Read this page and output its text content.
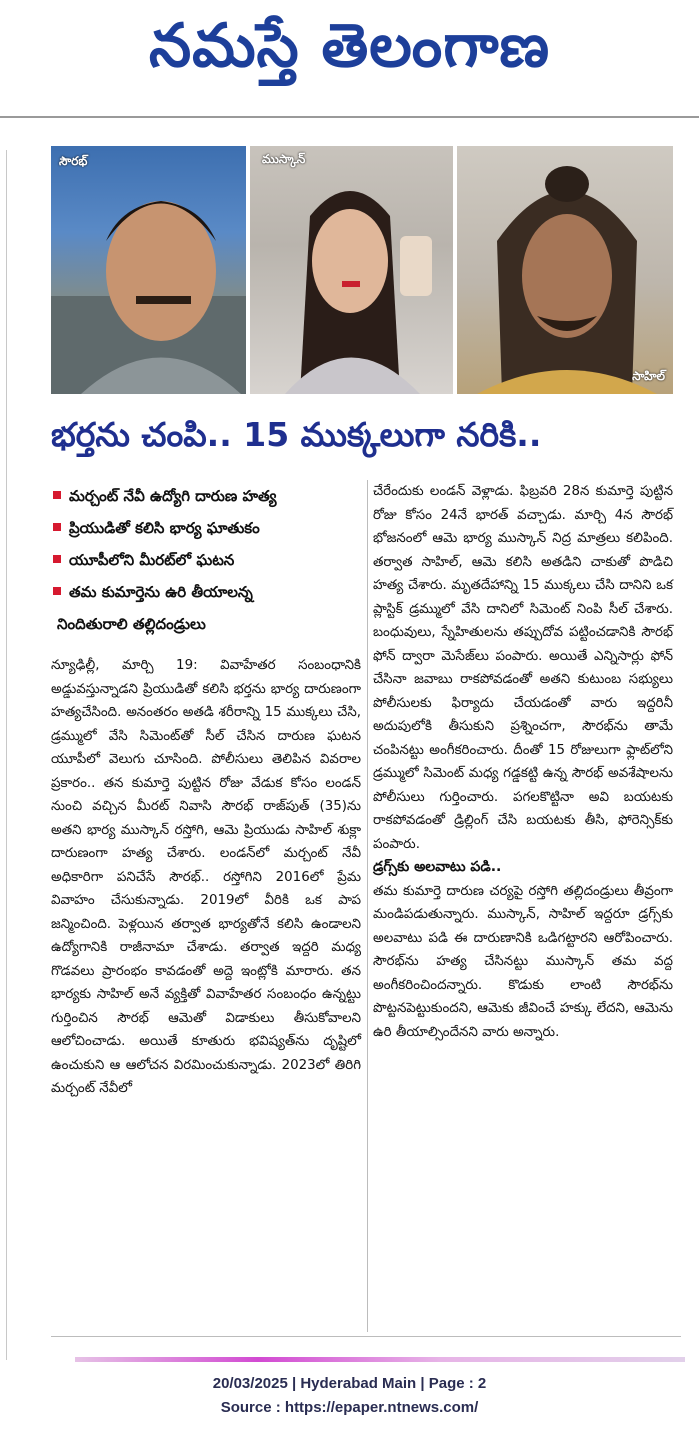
నమస్తే తెలంగాణ
సౌరభ్	ముస్కాన్
సాహిల్
భర్తను చంపి.. 15 ముక్కలుగా నరికి..
మర్చంట్ నేవీ ఉద్యోగి దారుణ హత్య
ప్రియుడితో కలిసి భార్య ఘాతుకం
యూపీలోని మీరట్‌లో ఘటన
తమ కుమార్తెను ఉరి తీయాలన్న
నిందితురాలి తల్లిదండ్రులు

న్యూఢిల్లీ, మార్చి 19: వివాహేతర సంబంధానికి అడ్డువస్తున్నాడని ప్రియుడితో కలిసి భర్తను భార్య దారుణంగా హత్యచేసింది. అనంతరం అతడి శరీరాన్ని 15 ముక్కలు చేసి, డ్రమ్ములో వేసి సిమెంట్‌తో సీల్ చేసిన దారుణ ఘటన యూపీలో వెలుగు చూసింది. పోలీసులు తెలిపిన వివరాల ప్రకారం.. తన కుమార్తె పుట్టిన రోజు వేడుక కోసం లండన్ నుంచి వచ్చిన మీరట్ నివాసి సౌరభ్ రాజ్‌పుత్ (35)ను అతని భార్య ముస్కాన్ రస్తోగి, ఆమె ప్రియుడు సాహిల్ శుక్లా దారుణంగా హత్య చేశారు. లండన్‌లో మర్చంట్ నేవీ అధికారిగా పనిచేసే సౌరభ్.. రస్తోగిని 2016లో ప్రేమ వివాహం చేసుకున్నాడు. 2019లో వీరికి ఒక పాప జన్మించింది. పెళ్లయిన తర్వాత భార్యతోనే కలిసి ఉండాలని ఉద్యోగానికి రాజీనామా చేశాడు. తర్వాత ఇద్దరి మధ్య గొడవలు ప్రారంభం కావడంతో అద్దె ఇంట్లోకి మారారు. తన భార్యకు సాహిల్ అనే వ్యక్తితో వివాహేతర సంబంధం ఉన్నట్టు గుర్తించిన సౌరభ్ ఆమెతో విడాకులు తీసుకోవాలని ఆలోచించాడు. అయితే కూతురు భవిష్యత్‌ను దృష్టిలో ఉంచుకుని ఆ ఆలోచన విరమించుకున్నాడు. 2023లో తిరిగి మర్చంట్ నేవీలో

చేరేందుకు లండన్ వెళ్లాడు. ఫిబ్రవరి 28న కుమార్తె పుట్టిన రోజు కోసం 24నే భారత్ వచ్చాడు. మార్చి 4న సౌరభ్ భోజనంలో ఆమె భార్య ముస్కాన్ నిద్ర మాత్రలు కలిపింది. తర్వాత సాహిల్, ఆమె కలిసి అతడిని చాకుతో పొడిచి హత్య చేశారు. మృతదేహాన్ని 15 ముక్కలు చేసి దానిని ఒక ప్లాస్టిక్ డ్రమ్ములో వేసి దానిలో సిమెంట్ నింపి సీల్ చేశారు. బంధువులు, స్నేహితులను తప్పుదోవ పట్టించడానికి సౌరభ్ ఫోన్ ద్వారా మెసేజ్‌లు పంపారు. అయితే ఎన్నిసార్లు ఫోన్ చేసినా జవాబు రాకపోవడంతో అతని కుటుంబ సభ్యులు పోలీసులకు ఫిర్యాదు చేయడంతో వారు ఇద్దరినీ అదుపులోకి తీసుకుని ప్రశ్నించగా, సౌరభ్‌ను తామే చంపినట్టు అంగీకరించారు. దీంతో 15 రోజులుగా ఫ్లాట్‌లోని డ్రమ్ములో సిమెంట్ మధ్య గడ్డకట్టి ఉన్న సౌరభ్ అవశేషాలను పోలీసులు గుర్తించారు. పగలకొట్టినా అవి బయటకు రాకపోవడంతో డ్రిల్లింగ్ చేసి బయటకు తీసి, ఫోరెన్సిక్‌కు పంపారు.

డ్రగ్స్‌కు అలవాటు పడి..

తమ కుమార్తె దారుణ చర్యపై రస్తోగి తల్లిదండ్రులు తీవ్రంగా మండిపడుతున్నారు. ముస్కాన్, సాహిల్ ఇద్దరూ డ్రగ్స్‌కు అలవాటు పడి ఈ దారుణానికి ఒడిగట్టారని ఆరోపించారు. సౌరభ్‌ను హత్య చేసినట్టు ముస్కాన్ తమ వద్ద అంగీకరించిందన్నారు. కొడుకు లాంటి సౌరభ్‌ను పొట్టనపెట్టుకుందని, ఆమెకు జీవించే హక్కు లేదని, ఆమెను ఉరి తీయాల్సిందేనని వారు అన్నారు.

20/03/2025 | Hyderabad Main | Page : 2
Source : https://epaper.ntnews.com/
